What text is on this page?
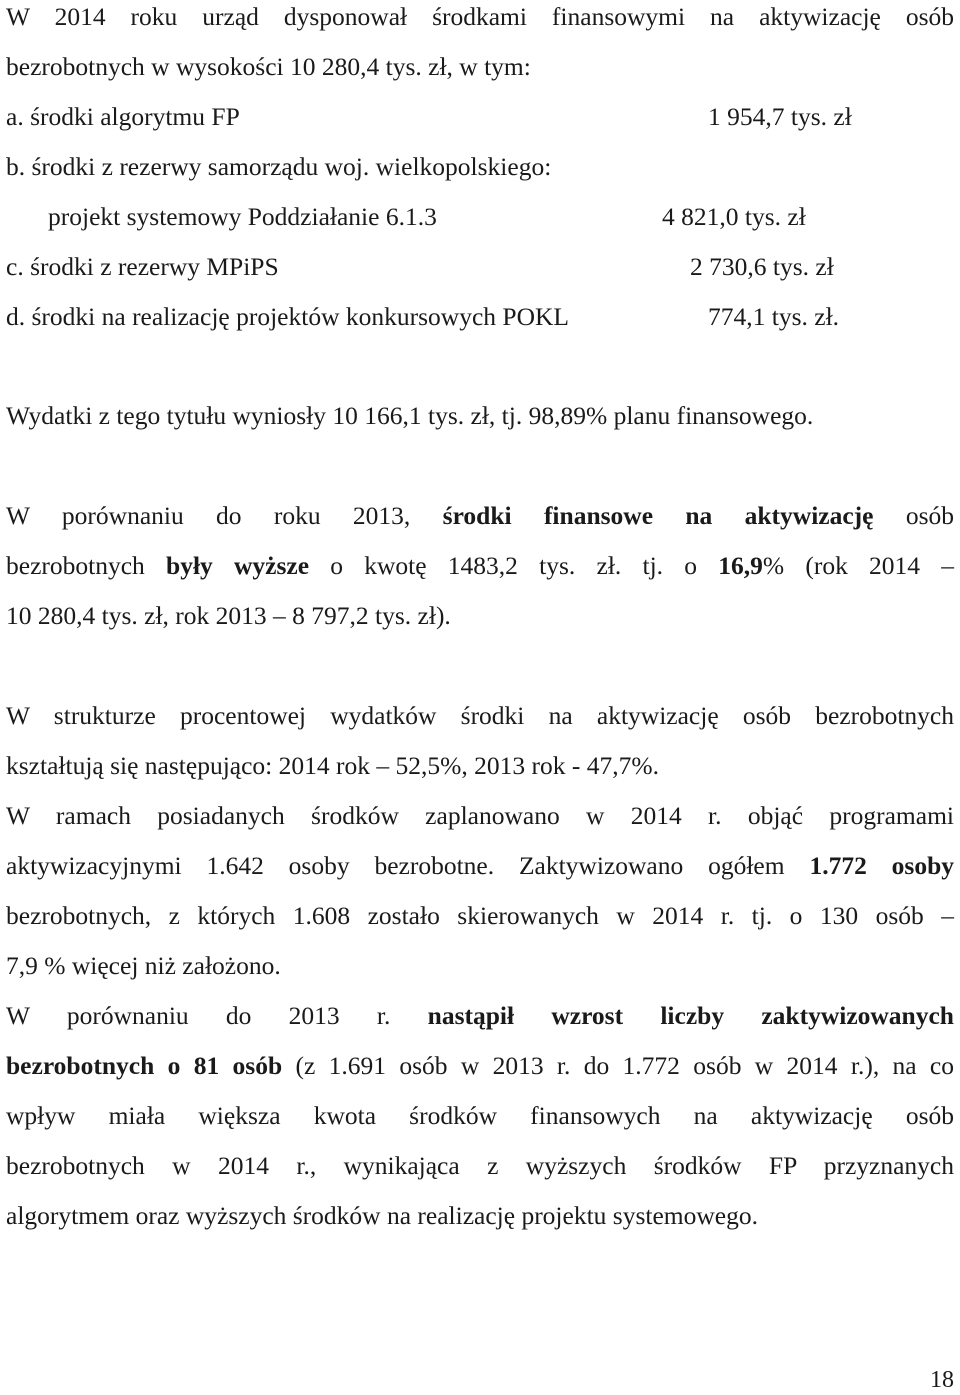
W 2014 roku urząd dysponował środkami finansowymi na aktywizację osób
bezrobotnych w wysokości 10 280,4 tys. zł, w tym:
a. środki algorytmu FP	1 954,7 tys. zł
b. środki z rezerwy samorządu woj. wielkopolskiego:
projekt systemowy Poddziałanie 6.1.3	4 821,0 tys. zł
c. środki z rezerwy MPiPS	2 730,6 tys. zł
d. środki na realizację projektów konkursowych POKL	774,1 tys. zł.
Wydatki z tego tytułu wyniosły 10 166,1 tys. zł, tj. 98,89% planu finansowego.
W porównaniu do roku 2013, środki finansowe na aktywizację osób
bezrobotnych były wyższe o kwotę 1483,2 tys. zł. tj. o 16,9% (rok 2014 –
10 280,4 tys. zł, rok 2013 – 8 797,2 tys. zł).
W strukturze procentowej wydatków środki na aktywizację osób bezrobotnych
kształtują się następująco: 2014 rok – 52,5%, 2013 rok - 47,7%.
W ramach posiadanych środków zaplanowano w 2014 r. objąć programami
aktywizacyjnymi 1.642 osoby bezrobotne. Zaktywizowano ogółem 1.772 osoby
bezrobotnych, z których 1.608 zostało skierowanych w 2014 r. tj. o 130 osób –
7,9 % więcej niż założono.
W porównaniu do 2013 r. nastąpił wzrost liczby zaktywizowanych
bezrobotnych o 81 osób (z 1.691 osób w 2013 r. do 1.772 osób w 2014 r.), na co
wpływ miała większa kwota środków finansowych na aktywizację osób
bezrobotnych w 2014 r., wynikająca z wyższych środków FP przyznanych
algorytmem oraz wyższych środków na realizację projektu systemowego.
18
